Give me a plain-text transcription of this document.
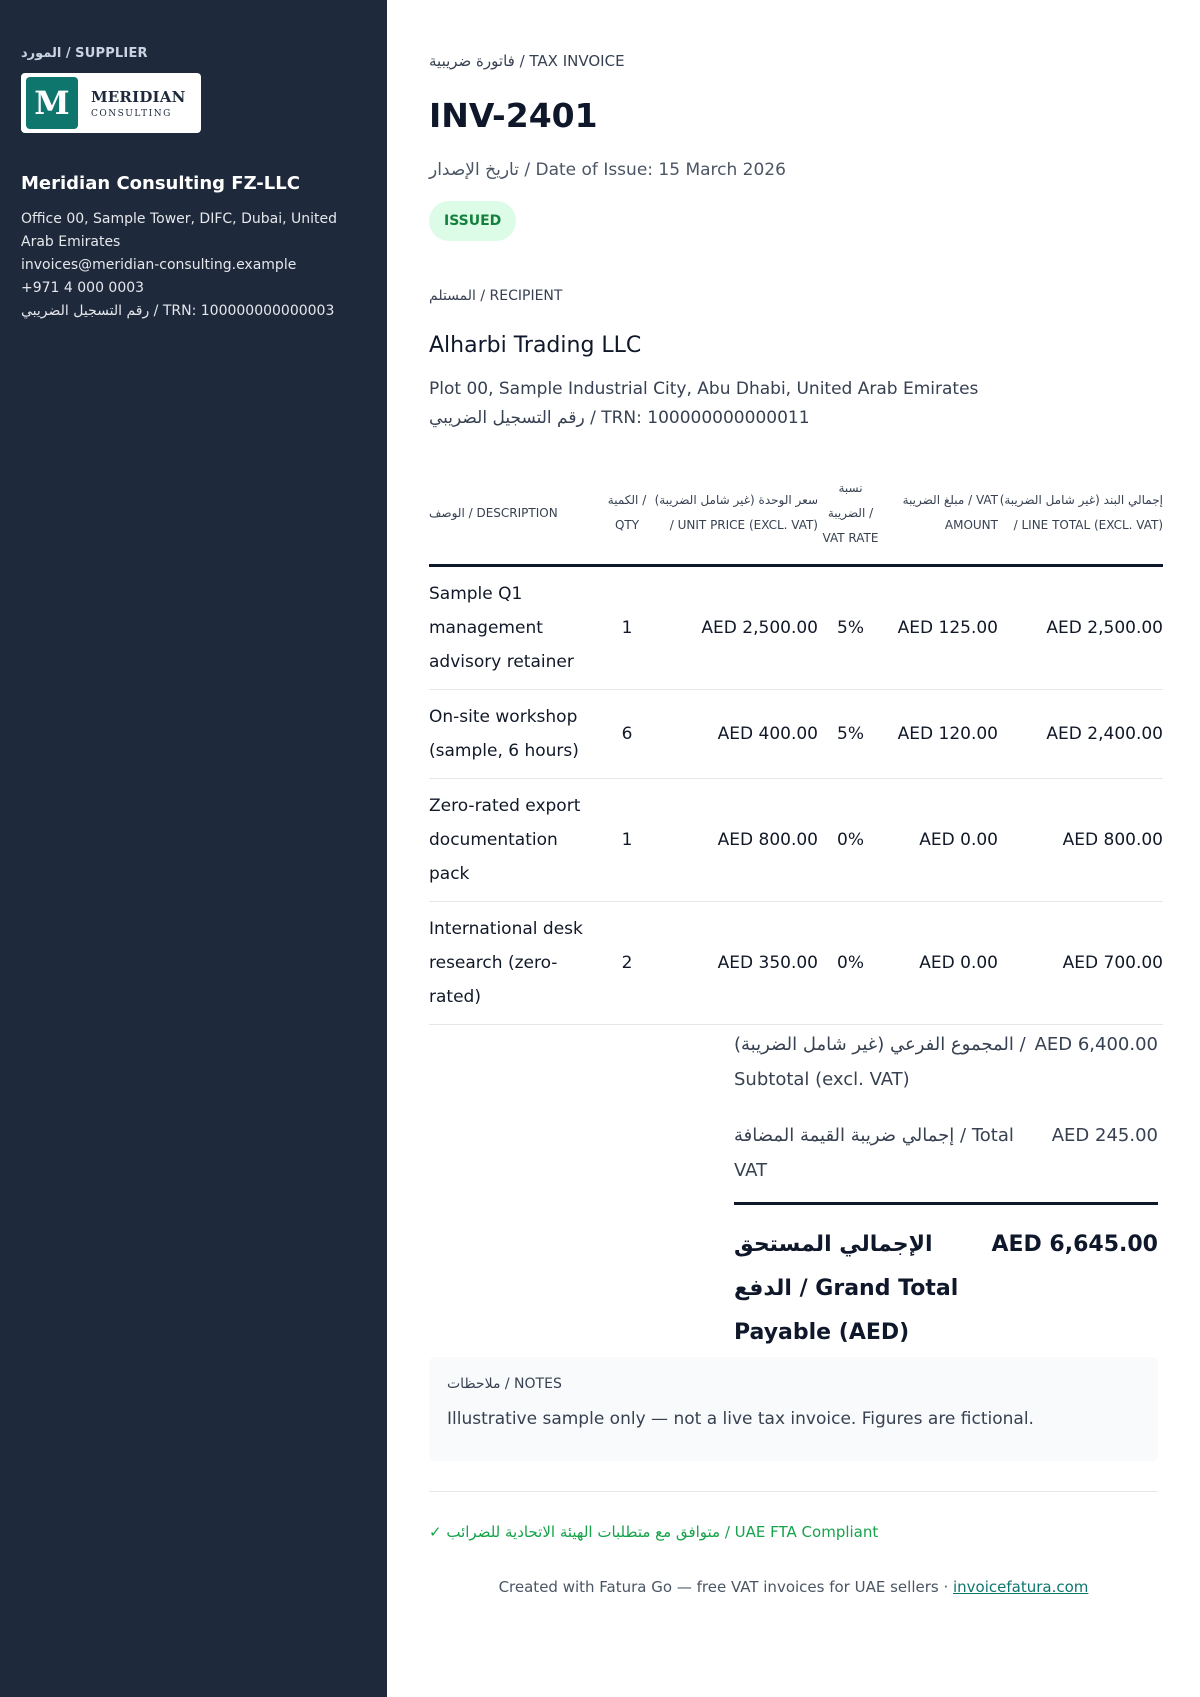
المورد / SUPPLIER
M	MERIDIAN
CONSULTING
Meridian Consulting FZ-LLC
Office 00, Sample Tower, DIFC, Dubai, United Arab Emirates
invoices@meridian-consulting.example
+971 4 000 0003
رقم التسجيل الضريبي / TRN: 100000000000003
فاتورة ضريبية / TAX INVOICE
INV-2401
تاريخ الإصدار / Date of Issue: 15 March 2026
ISSUED
المستلم / RECIPIENT
Alharbi Trading LLC
Plot 00, Sample Industrial City, Abu Dhabi, United Arab Emirates
رقم التسجيل الضريبي / TRN: 100000000000011
الوصف / DESCRIPTION	الكمية / QTY	سعر الوحدة (غير شامل الضريبة) / UNIT PRICE (EXCL. VAT)	نسبة الضريبة / VAT RATE	مبلغ الضريبة / VAT AMOUNT	إجمالي البند (غير شامل الضريبة) / LINE TOTAL (EXCL. VAT)
Sample Q1 management advisory retainer	1	AED 2,500.00	5%	AED 125.00	AED 2,500.00
On-site workshop (sample, 6 hours)	6	AED 400.00	5%	AED 120.00	AED 2,400.00
Zero-rated export documentation pack	1	AED 800.00	0%	AED 0.00	AED 800.00
International desk research (zero-rated)	2	AED 350.00	0%	AED 0.00	AED 700.00
المجموع الفرعي (غير شامل الضريبة) / Subtotal (excl. VAT)
AED 6,400.00
إجمالي ضريبة القيمة المضافة / Total VAT
AED 245.00
الإجمالي المستحق الدفع / Grand Total Payable (AED)
AED 6,645.00
ملاحظات / NOTES
Illustrative sample only — not a live tax invoice. Figures are fictional.
✓ متوافق مع متطلبات الهيئة الاتحادية للضرائب / UAE FTA Compliant
Created with Fatura Go — free VAT invoices for UAE sellers · invoicefatura.com
